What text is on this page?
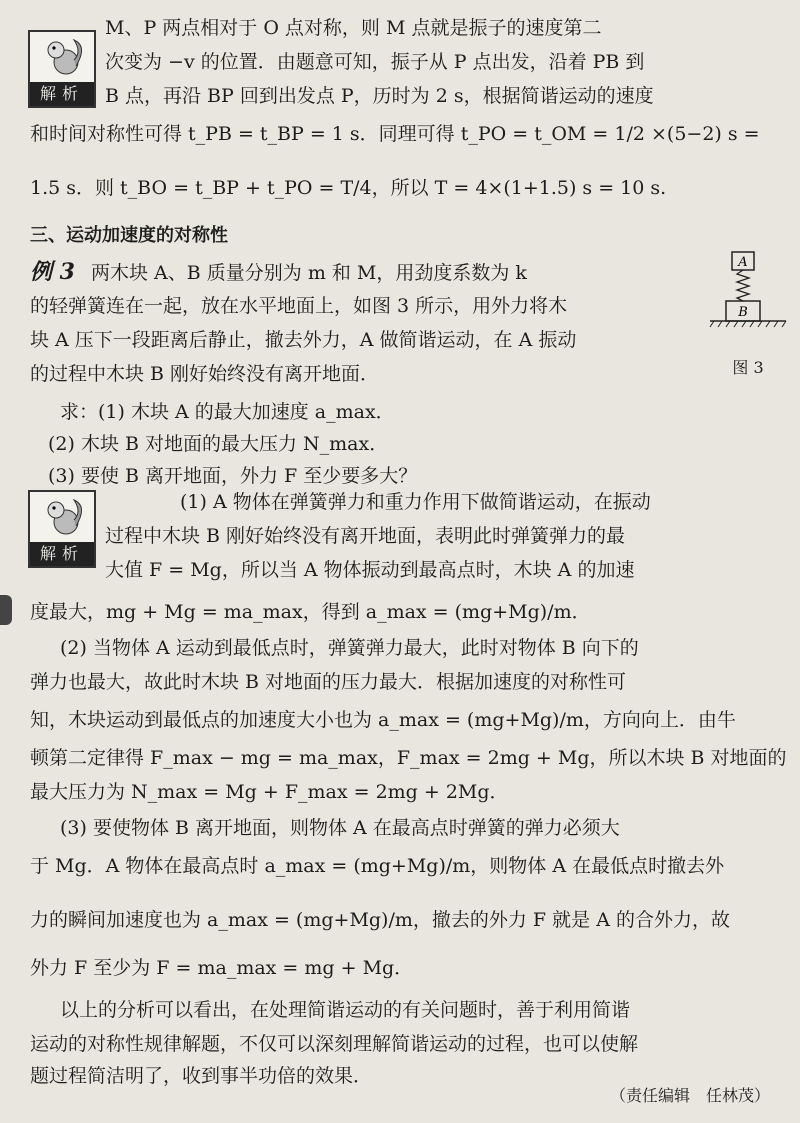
解析
M、P 两点相对于 O 点对称，则 M 点就是振子的速度第二
次变为 −v 的位置．由题意可知，振子从 P 点出发，沿着 PB 到
B 点，再沿 BP 回到出发点 P，历时为 2 s，根据简谐运动的速度
和时间对称性可得 t_PB = t_BP = 1 s．同理可得 t_PO = t_OM = 1/2 ×(5−2) s =
1.5 s．则 t_BO = t_BP + t_PO = T/4，所以 T = 4×(1+1.5) s = 10 s.
三、运动加速度的对称性
例 3 两木块 A、B 质量分别为 m 和 M，用劲度系数为 k
的轻弹簧连在一起，放在水平地面上，如图 3 所示，用外力将木
块 A 压下一段距离后静止，撤去外力，A 做简谐运动，在 A 振动
的过程中木块 B 刚好始终没有离开地面．
A
B
图 3
求：(1) 木块 A 的最大加速度 a_max．
(2) 木块 B 对地面的最大压力 N_max．
(3) 要使 B 离开地面，外力 F 至少要多大？
解析
(1) A 物体在弹簧弹力和重力作用下做简谐运动，在振动
过程中木块 B 刚好始终没有离开地面，表明此时弹簧弹力的最
大值 F = Mg，所以当 A 物体振动到最高点时，木块 A 的加速
度最大，mg + Mg = ma_max，得到 a_max = (mg+Mg)/m．
(2) 当物体 A 运动到最低点时，弹簧弹力最大，此时对物体 B 向下的
弹力也最大，故此时木块 B 对地面的压力最大．根据加速度的对称性可
知，木块运动到最低点的加速度大小也为 a_max = (mg+Mg)/m，方向向上．由牛
顿第二定律得 F_max − mg = ma_max，F_max = 2mg + Mg，所以木块 B 对地面的
最大压力为 N_max = Mg + F_max = 2mg + 2Mg．
(3) 要使物体 B 离开地面，则物体 A 在最高点时弹簧的弹力必须大
于 Mg．A 物体在最高点时 a_max = (mg+Mg)/m，则物体 A 在最低点时撤去外
力的瞬间加速度也为 a_max = (mg+Mg)/m，撤去的外力 F 就是 A 的合外力，故
外力 F 至少为 F = ma_max = mg + Mg．
以上的分析可以看出，在处理简谐运动的有关问题时，善于利用简谐
运动的对称性规律解题，不仅可以深刻理解简谐运动的过程，也可以使解
题过程简洁明了，收到事半功倍的效果．
（责任编辑　任林茂）
